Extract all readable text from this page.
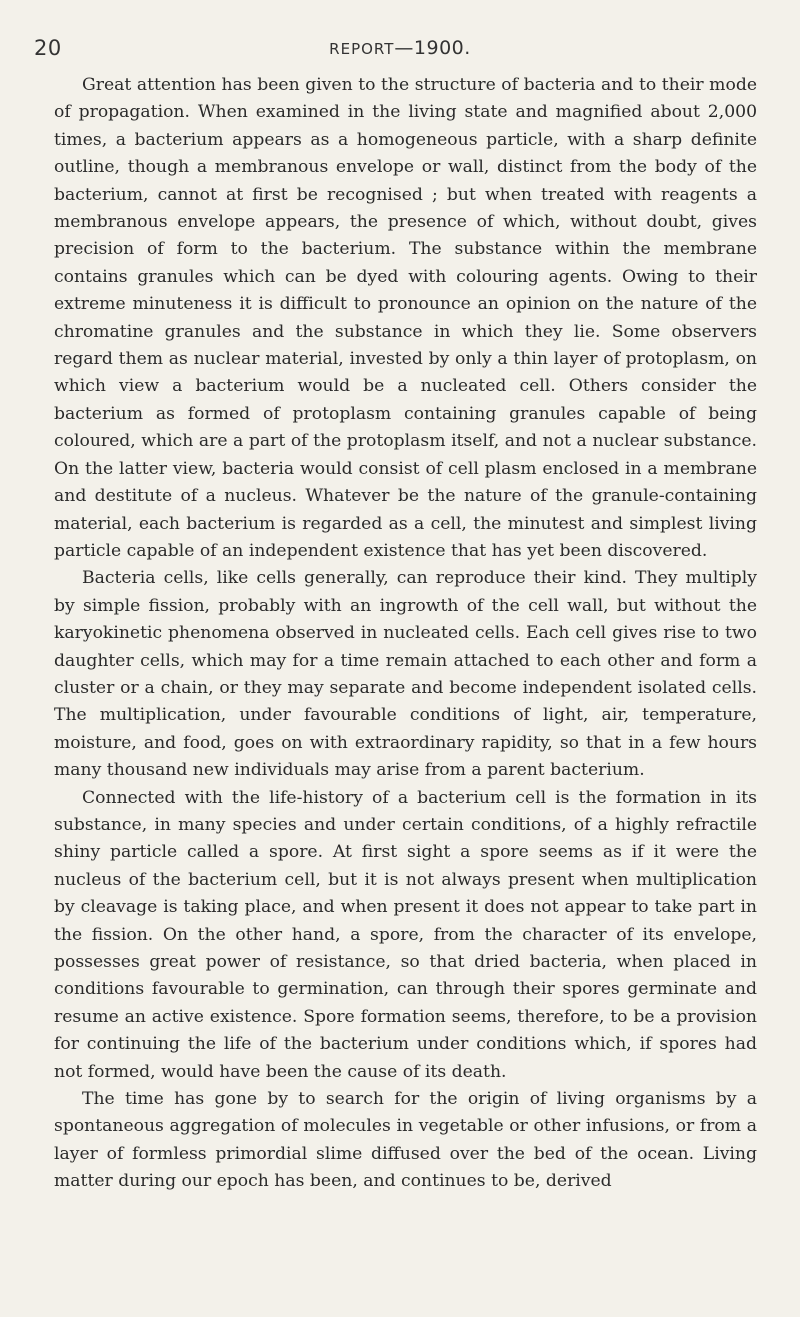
20	REPORT—1900.

Great attention has been given to the structure of bacteria and to their mode of propagation. When examined in the living state and magnified about 2,000 times, a bacterium appears as a homogeneous particle, with a sharp definite outline, though a membranous envelope or wall, distinct from the body of the bacterium, cannot at first be recognised ; but when treated with reagents a membranous envelope appears, the presence of which, without doubt, gives precision of form to the bacterium. The substance within the membrane contains granules which can be dyed with colouring agents. Owing to their extreme minuteness it is difficult to pronounce an opinion on the nature of the chromatine granules and the substance in which they lie. Some observers regard them as nuclear material, invested by only a thin layer of protoplasm, on which view a bacterium would be a nucleated cell. Others consider the bacterium as formed of protoplasm containing granules capable of being coloured, which are a part of the protoplasm itself, and not a nuclear substance. On the latter view, bacteria would consist of cell plasm enclosed in a membrane and destitute of a nucleus. Whatever be the nature of the granule-containing material, each bacterium is regarded as a cell, the minutest and simplest living particle capable of an independent existence that has yet been discovered.

Bacteria cells, like cells generally, can reproduce their kind. They multiply by simple fission, probably with an ingrowth of the cell wall, but without the karyokinetic phenomena observed in nucleated cells. Each cell gives rise to two daughter cells, which may for a time remain attached to each other and form a cluster or a chain, or they may separate and become independent isolated cells. The multiplication, under favourable conditions of light, air, temperature, moisture, and food, goes on with extraordinary rapidity, so that in a few hours many thousand new individuals may arise from a parent bacterium.

Connected with the life-history of a bacterium cell is the formation in its substance, in many species and under certain conditions, of a highly refractile shiny particle called a spore. At first sight a spore seems as if it were the nucleus of the bacterium cell, but it is not always present when multiplication by cleavage is taking place, and when present it does not appear to take part in the fission. On the other hand, a spore, from the character of its envelope, possesses great power of resistance, so that dried bacteria, when placed in conditions favourable to germination, can through their spores germinate and resume an active existence. Spore formation seems, therefore, to be a provision for continuing the life of the bacterium under conditions which, if spores had not formed, would have been the cause of its death.

The time has gone by to search for the origin of living organisms by a spontaneous aggregation of molecules in vegetable or other infusions, or from a layer of formless primordial slime diffused over the bed of the ocean. Living matter during our epoch has been, and continues to be, derived
